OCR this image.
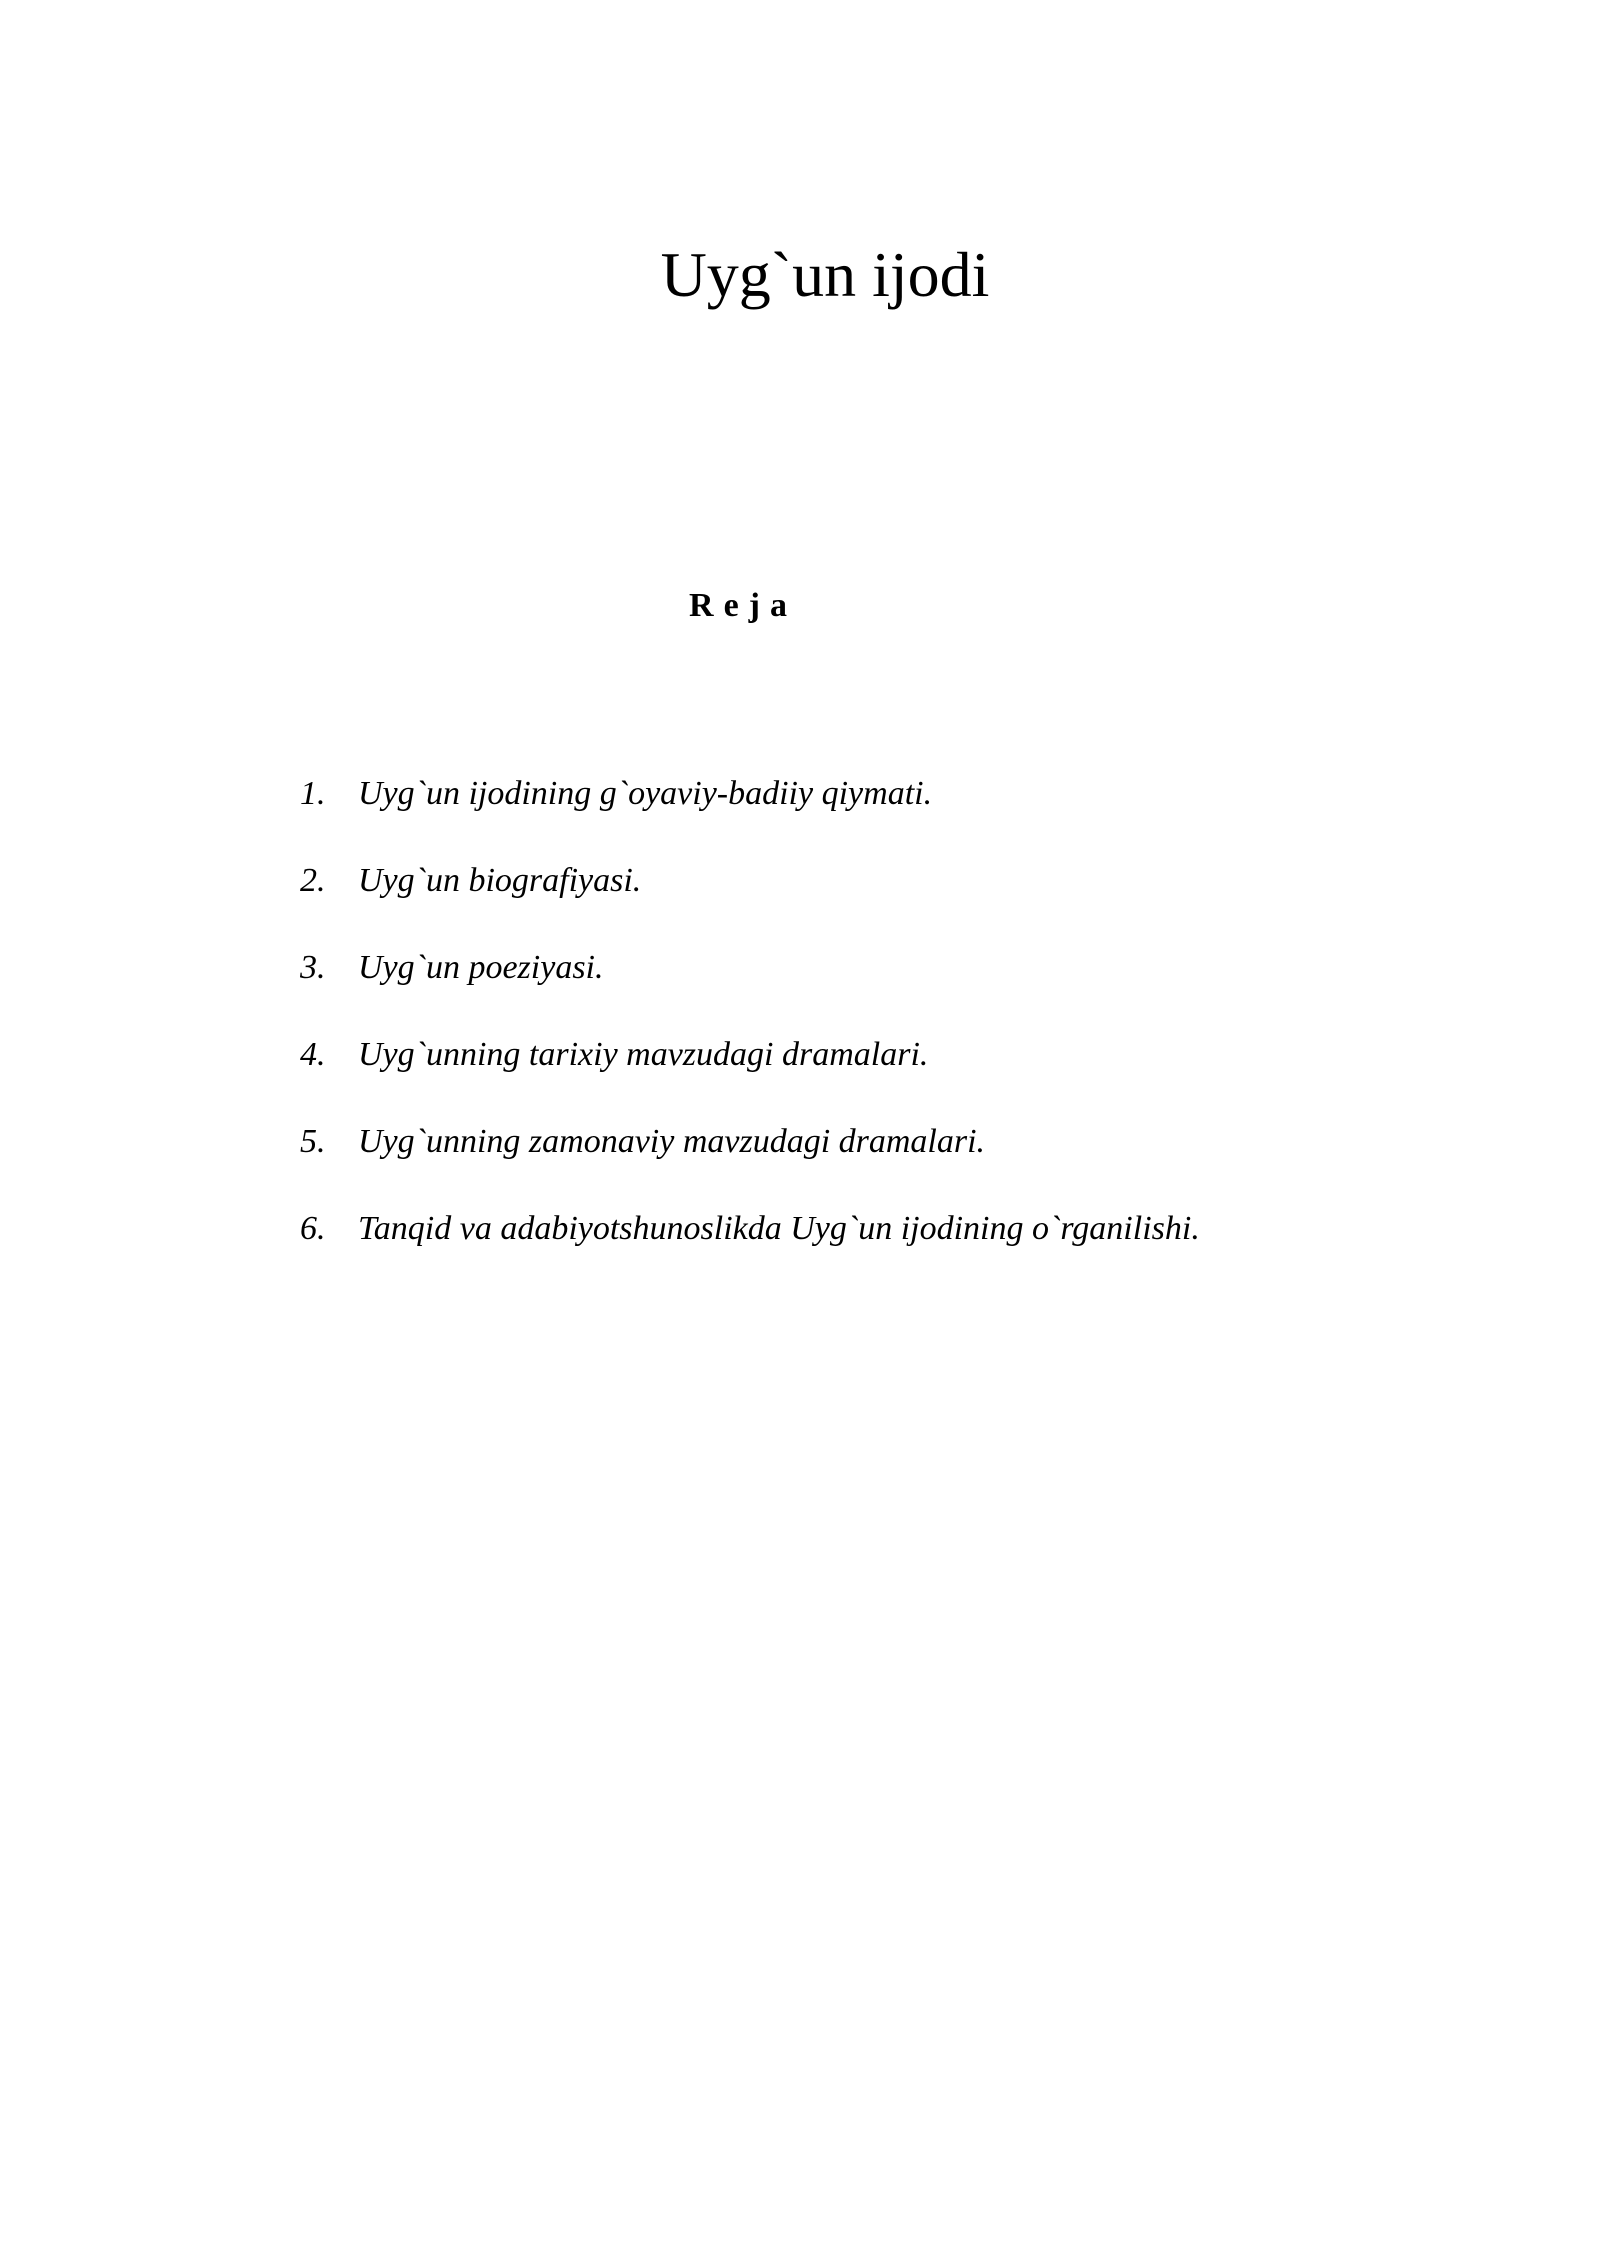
Uyg`un ijodi
Reja
1. Uyg`un ijodining g`oyaviy-badiiy qiymati.
2. Uyg`un biografiyasi.
3. Uyg`un poeziyasi.
4. Uyg`unning tarixiy mavzudagi dramalari.
5. Uyg`unning zamonaviy mavzudagi dramalari.
6. Tanqid va adabiyotshunoslikda Uyg`un ijodining o`rganilishi.
